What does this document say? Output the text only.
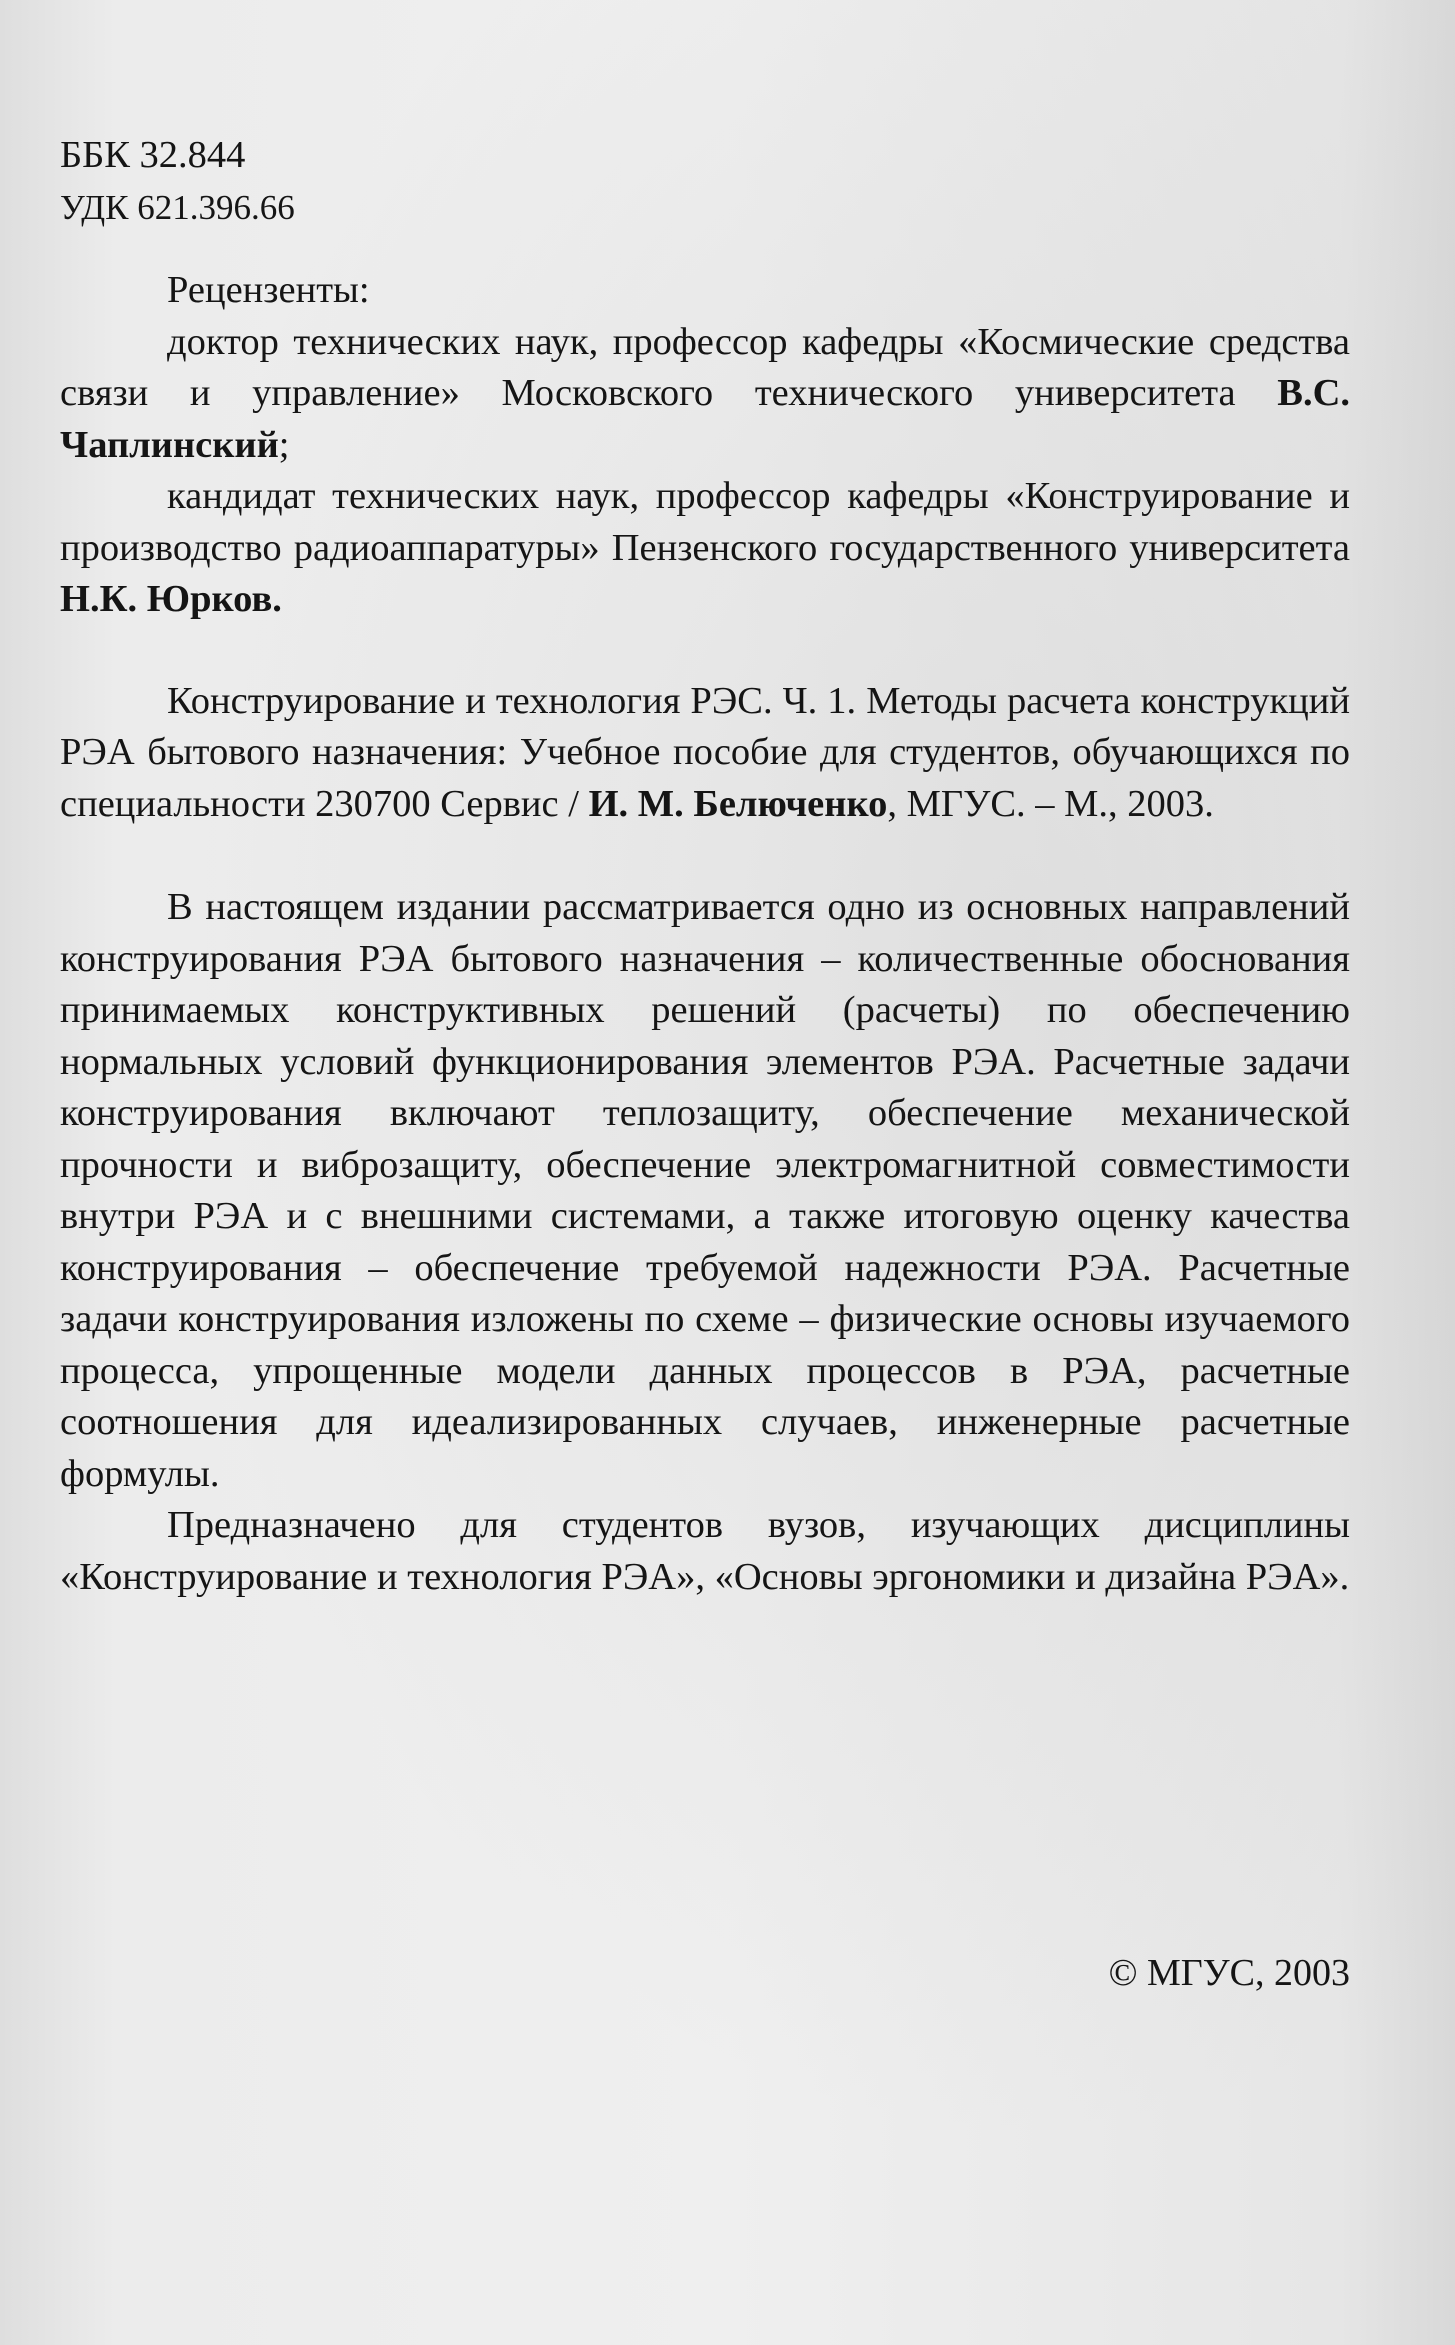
ББК 32.844
УДК 621.396.66
Рецензенты:
доктор технических наук, профессор кафедры «Космические средства связи и управление» Московского технического университета В.С. Чаплинский;
кандидат технических наук, профессор кафедры «Конструирование и производство радиоаппаратуры» Пензенского государственного университета Н.К. Юрков.
Конструирование и технология РЭС. Ч. 1. Методы расчета конструкций РЭА бытового назначения: Учебное пособие для студентов, обучающихся по специальности 230700 Сервис / И. М. Белюченко, МГУС. – М., 2003.
В настоящем издании рассматривается одно из основных направлений конструирования РЭА бытового назначения – количественные обоснования принимаемых конструктивных решений (расчеты) по обеспечению нормальных условий функционирования элементов РЭА. Расчетные задачи конструирования включают теплозащиту, обеспечение механической прочности и виброзащиту, обеспечение электромагнитной совместимости внутри РЭА и с внешними системами, а также итоговую оценку качества конструирования – обеспечение требуемой надежности РЭА. Расчетные задачи конструирования изложены по схеме – физические основы изучаемого процесса, упрощенные модели данных процессов в РЭА, расчетные соотношения для идеализированных случаев, инженерные расчетные формулы.
Предназначено для студентов вузов, изучающих дисциплины «Конструирование и технология РЭА», «Основы эргономики и дизайна РЭА».
© МГУС, 2003
